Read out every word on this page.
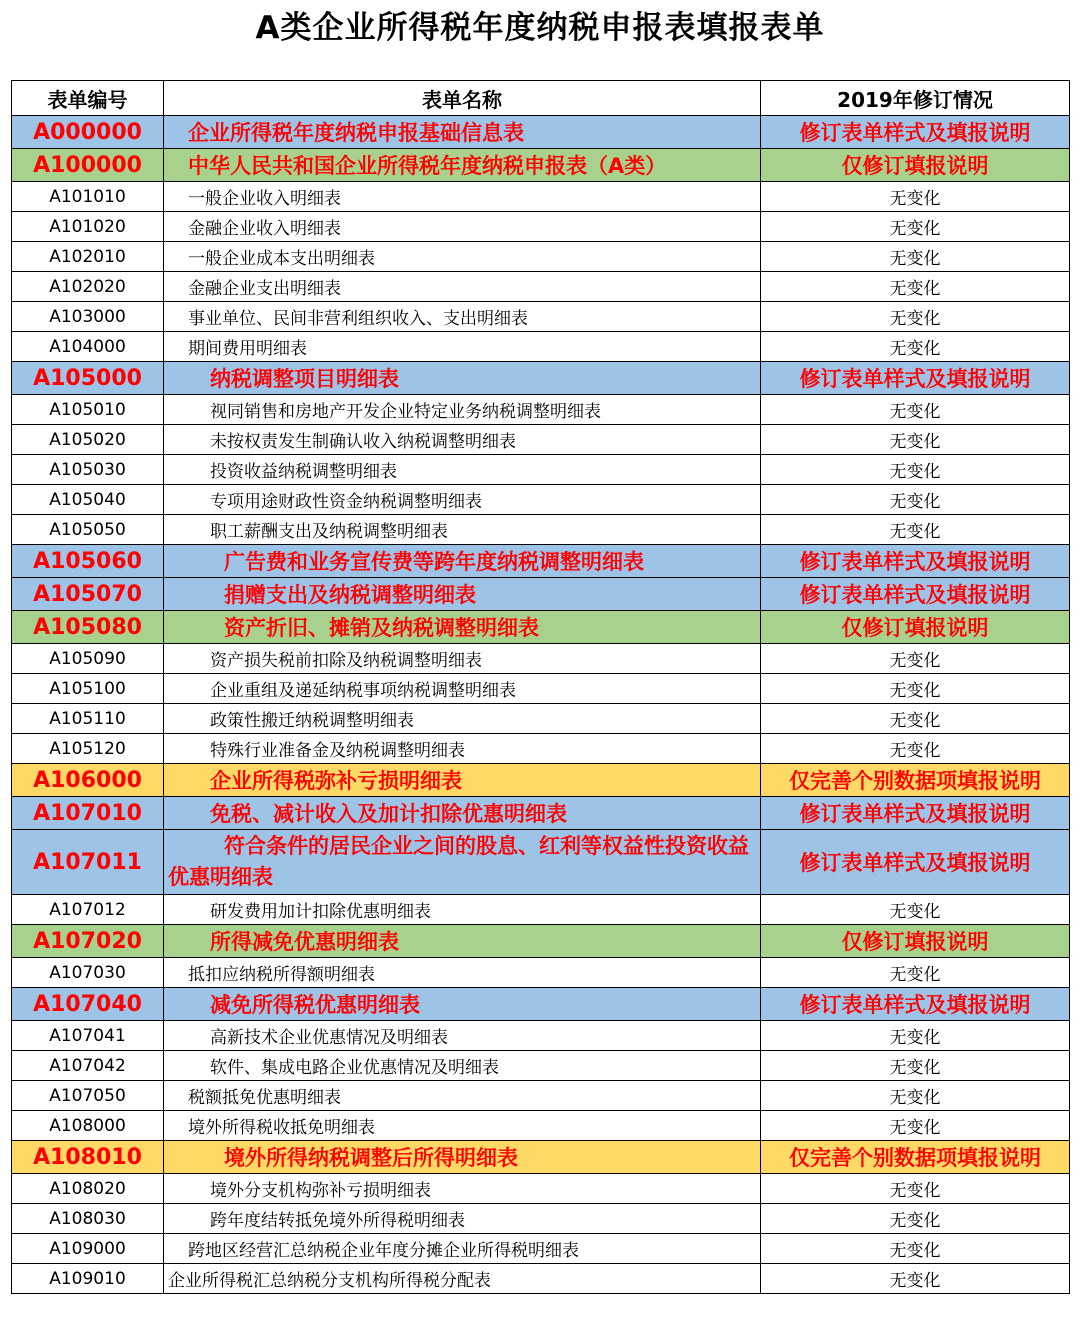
A类企业所得税年度纳税申报表填报表单
表单编号	表单名称	2019年修订情况
A000000	企业所得税年度纳税申报基础信息表	修订表单样式及填报说明
A100000	中华人民共和国企业所得税年度纳税申报表（A类）	仅修订填报说明
A101010	一般企业收入明细表	无变化
A101020	金融企业收入明细表	无变化
A102010	一般企业成本支出明细表	无变化
A102020	金融企业支出明细表	无变化
A103000	事业单位、民间非营利组织收入、支出明细表	无变化
A104000	期间费用明细表	无变化
A105000	纳税调整项目明细表	修订表单样式及填报说明
A105010	视同销售和房地产开发企业特定业务纳税调整明细表	无变化
A105020	未按权责发生制确认收入纳税调整明细表	无变化
A105030	投资收益纳税调整明细表	无变化
A105040	专项用途财政性资金纳税调整明细表	无变化
A105050	职工薪酬支出及纳税调整明细表	无变化
A105060	广告费和业务宣传费等跨年度纳税调整明细表	修订表单样式及填报说明
A105070	捐赠支出及纳税调整明细表	修订表单样式及填报说明
A105080	资产折旧、摊销及纳税调整明细表	仅修订填报说明
A105090	资产损失税前扣除及纳税调整明细表	无变化
A105100	企业重组及递延纳税事项纳税调整明细表	无变化
A105110	政策性搬迁纳税调整明细表	无变化
A105120	特殊行业准备金及纳税调整明细表	无变化
A106000	企业所得税弥补亏损明细表	仅完善个别数据项填报说明
A107010	免税、减计收入及加计扣除优惠明细表	修订表单样式及填报说明
A107011	符合条件的居民企业之间的股息、红利等权益性投资收益优惠明细表	修订表单样式及填报说明
A107012	研发费用加计扣除优惠明细表	无变化
A107020	所得减免优惠明细表	仅修订填报说明
A107030	抵扣应纳税所得额明细表	无变化
A107040	减免所得税优惠明细表	修订表单样式及填报说明
A107041	高新技术企业优惠情况及明细表	无变化
A107042	软件、集成电路企业优惠情况及明细表	无变化
A107050	税额抵免优惠明细表	无变化
A108000	境外所得税收抵免明细表	无变化
A108010	境外所得纳税调整后所得明细表	仅完善个别数据项填报说明
A108020	境外分支机构弥补亏损明细表	无变化
A108030	跨年度结转抵免境外所得税明细表	无变化
A109000	跨地区经营汇总纳税企业年度分摊企业所得税明细表	无变化
A109010	企业所得税汇总纳税分支机构所得税分配表	无变化
